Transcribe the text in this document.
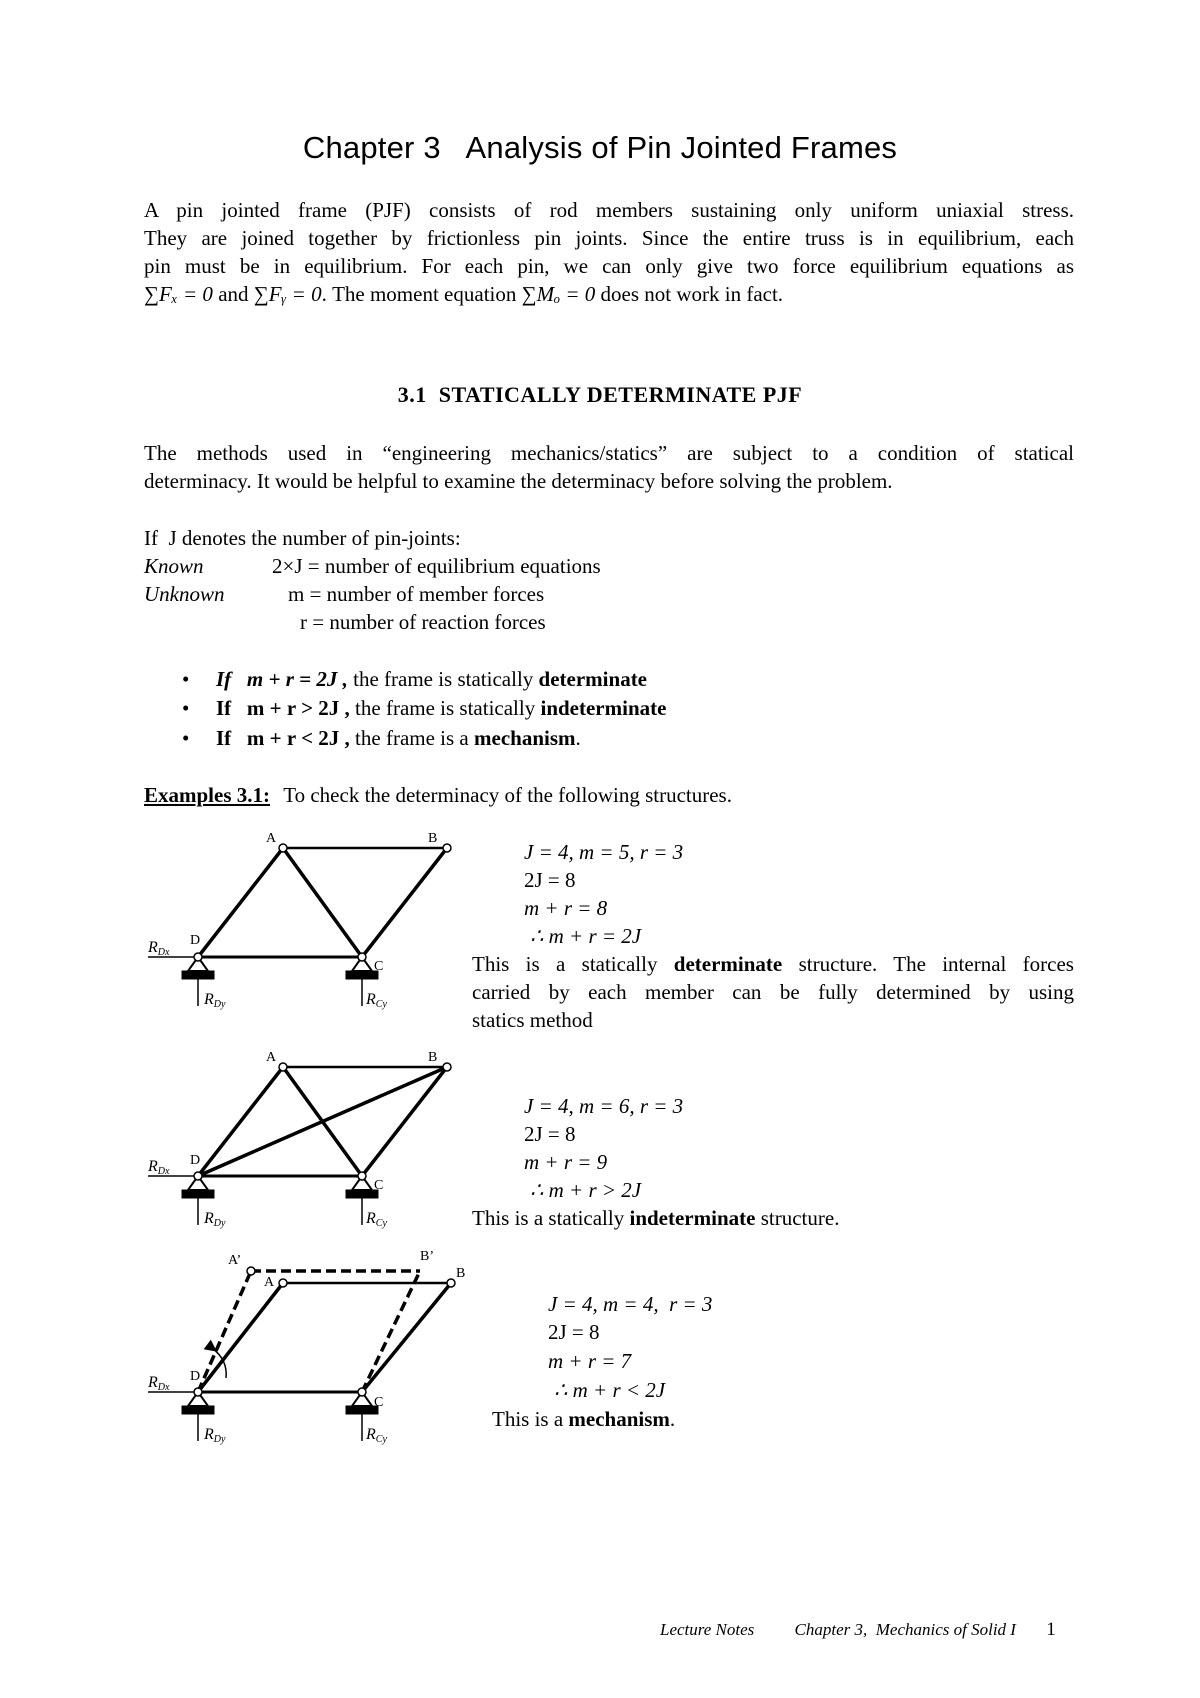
Chapter 3   Analysis of Pin Jointed Frames
A pin jointed frame (PJF) consists of rod members sustaining only uniform uniaxial stress.
They are joined together by frictionless pin joints. Since the entire truss is in equilibrium, each
pin must be in equilibrium. For each pin, we can only give two force equilibrium equations as
∑Fₓ = 0 and ∑Fᵧ = 0. The moment equation ∑Mₒ = 0 does not work in fact.
3.1  STATICALLY DETERMINATE PJF
The methods used in “engineering mechanics/statics” are subject to a condition of statical
determinacy. It would be helpful to examine the determinacy before solving the problem.
If  J denotes the number of pin-joints:
Known	2×J = number of equilibrium equations
Unknown	m = number of member forces
r = number of reaction forces
• If   m + r = 2J , the frame is statically determinate
• If   m + r > 2J , the frame is statically indeterminate
• If   m + r < 2J , the frame is a mechanism.
Examples 3.1: To check the determinacy of the following structures.
J = 4, m = 5, r = 3
2J = 8
m + r = 8
∴ m + r = 2J
This is a statically determinate structure. The internal forces
carried by each member can be fully determined by using
statics method
J = 4, m = 6, r = 3
2J = 8
m + r = 9
∴ m + r > 2J
This is a statically indeterminate structure.
J = 4, m = 4,  r = 3
2J = 8
m + r = 7
∴ m + r < 2J
This is a mechanism.
A	B
C
D
RDx
RDy	RCy
A	B
C
D
RDx
RDy	RCy
A’	B’
A
B
C
D
RDx
RDy	RCy
Lecture Notes Chapter 3,  Mechanics of Solid I 1
